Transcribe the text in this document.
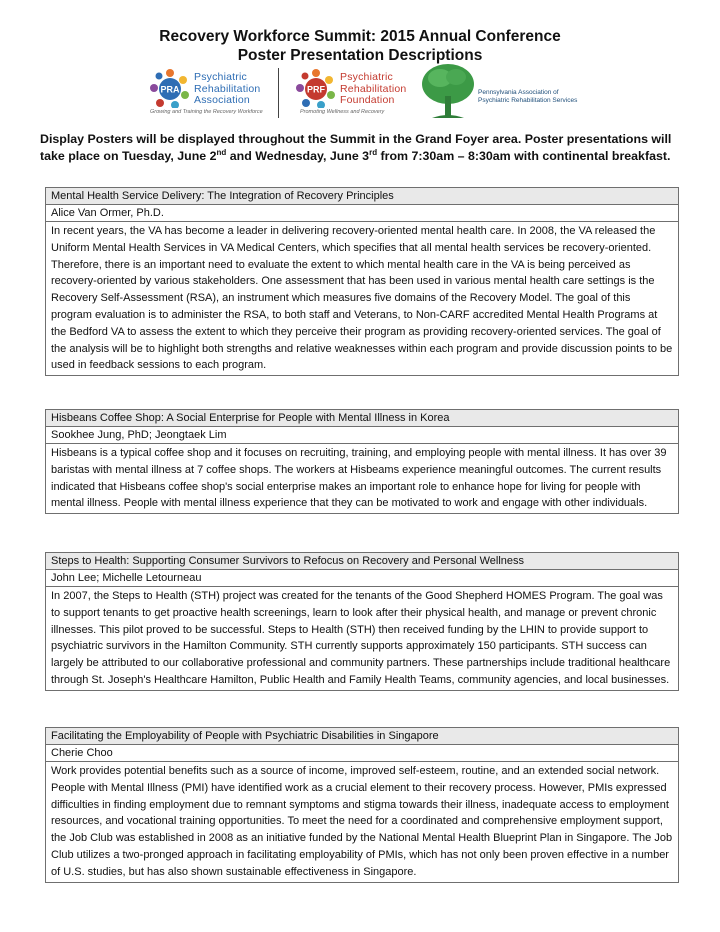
Recovery Workforce Summit: 2015 Annual Conference
Poster Presentation Descriptions
PRA
Psychiatric
Rehabilitation
Association
Growing and Training the Recovery Workforce
PRF
Psychiatric
Rehabilitation
Foundation
Promoting Wellness and Recovery
Pennsylvania Association of
Psychiatric Rehabilitation Services
Display Posters will be displayed throughout the Summit in the Grand Foyer area. Poster presentations will take place on Tuesday, June 2nd and Wednesday, June 3rd from 7:30am – 8:30am with continental breakfast.
Mental Health Service Delivery: The Integration of Recovery Principles
Alice Van Ormer, Ph.D.
In recent years, the VA has become a leader in delivering recovery-oriented mental health care. In 2008, the VA released the Uniform Mental Health Services in VA Medical Centers, which specifies that all mental health services be recovery-oriented. Therefore, there is an important need to evaluate the extent to which mental health care in the VA is being perceived as recovery-oriented by various stakeholders. One assessment that has been used in various mental health care settings is the Recovery Self-Assessment (RSA), an instrument which measures five domains of the Recovery Model. The goal of this program evaluation is to administer the RSA, to both staff and Veterans, to Non-CARF accredited Mental Health Programs at the Bedford VA to assess the extent to which they perceive their program as providing recovery-oriented services. The goal of the analysis will be to highlight both strengths and relative weaknesses within each program and provide discussion points to be used in feedback sessions to each program.
Hisbeans Coffee Shop: A Social Enterprise for People with Mental Illness in Korea
Sookhee Jung, PhD; Jeongtaek Lim
Hisbeans is a typical coffee shop and it focuses on recruiting, training, and employing people with mental illness. It has over 39 baristas with mental illness at 7 coffee shops. The workers at Hisbeams experience meaningful outcomes. The current results indicated that Hisbeans coffee shop's social enterprise makes an important role to enhance hope for living for people with mental illness. People with mental illness experience that they can be motivated to work and engage with other individuals.
Steps to Health: Supporting Consumer Survivors to Refocus on Recovery and Personal Wellness
John Lee; Michelle Letourneau
In 2007, the Steps to Health (STH) project was created for the tenants of the Good Shepherd HOMES Program. The goal was to support tenants to get proactive health screenings, learn to look after their physical health, and manage or prevent chronic illnesses. This pilot proved to be successful. Steps to Health (STH) then received funding by the LHIN to provide support to psychiatric survivors in the Hamilton Community. STH currently supports approximately 150 participants. STH success can largely be attributed to our collaborative professional and community partners. These partnerships include traditional healthcare through St. Joseph's Healthcare Hamilton, Public Health and Family Health Teams, community agencies, and local businesses.
Facilitating the Employability of People with Psychiatric Disabilities in Singapore
Cherie Choo
Work provides potential benefits such as a source of income, improved self-esteem, routine, and an extended social network. People with Mental Illness (PMI) have identified work as a crucial element to their recovery process. However, PMIs expressed difficulties in finding employment due to remnant symptoms and stigma towards their illness, inadequate access to employment resources, and vocational training opportunities. To meet the need for a coordinated and comprehensive employment support, the Job Club was established in 2008 as an initiative funded by the National Mental Health Blueprint Plan in Singapore. The Job Club utilizes a two-pronged approach in facilitating employability of PMIs, which has not only been proven effective in a number of U.S. studies, but has also shown sustainable effectiveness in Singapore.
